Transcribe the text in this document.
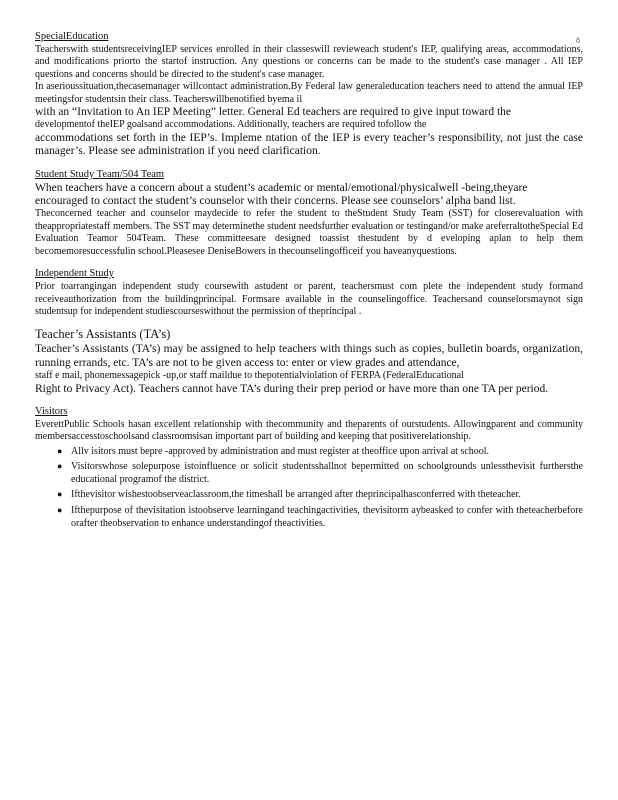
8

SpecialEducation

Teacherswith studentsreceivingIEP services enrolled in their classeswill revieweach student's IEP, qualifying areas, accommodations, and modifications priorto the startof instruction. Any questions or concerns can be made to the student's case manager . All IEP questions and concerns should be directed to the student's case manager.

In aserioussituation,thecasemanager willcontact administration.By Federal law generaleducation teachers need to attend the annual IEP meetingsfor studentsin their class. Teacherswillbenotified byema il

with an “Invitation to An IEP Meeting” letter. General Ed teachers are required to give input toward the

developmentof theIEP goalsand accommodations. Additionally, teachers are required tofollow the

accommodations set forth in the IEP’s. Impleme ntation of the IEP is every teacher’s responsibility, not just the case manager’s. Please see administration if you need clarification.

Student Study Team/504 Team

When teachers have a concern about a student’s academic or mental/emotional/physicalwell -being,theyare

encouraged to contact the student’s counselor with their concerns. Please see counselors’ alpha band list.

Theconcerned teacher and counselor maydecide to refer the student to theStudent Study Team (SST) for closerevaluation with theappropriatestaff members. The SST may determinethe student needsfurther evaluation or testingand/or make areferraltotheSpecial Ed Evaluation Teamor 504Team. These committeesare designed toassist thestudent by d eveloping aplan to help them becomemoresuccessfulin school.Pleasesee DeniseBowers in thecounselingofficeif you haveanyquestions.

Independent Study

Prior toarrangingan independent study coursewith astudent or parent, teachersmust com plete the independent study formand receiveauthorization from the buildingprincipal. Formsare available in the counselingoffice. Teachersand counselorsmaynot sign studentsup for independent studiescourseswithout the permission of theprincipal .

Teacher’s Assistants (TA’s)

Teacher’s Assistants (TA’s) may be assigned to help teachers with things such as copies, bulletin boards, organization, running errands, etc. TA’s are not to be given access to: enter or view grades and attendance,

staff e mail, phonemessagepick -up,or staff maildue to thepotentialviolation of FERPA (FederalEducational

Right to Privacy Act). Teachers cannot have TA’s during their prep period or have more than one TA per period.

Visitors

EverettPublic Schools hasan excellent relationship with thecommunity and theparents of ourstudents. Allowingparent and community membersaccesstoschoolsand classroomsisan important part of building and keeping that positiverelationship.

● Allv isitors must bepre -approved by administration and must register at theoffice upon arrival at school.
● Visitorswhose solepurpose istoinfluence or solicit studentsshallnot bepermitted on schoolgrounds unlessthevisit furthersthe educational programof the district.
● Ifthevisitor wishestoobserveaclassroom,the timeshall be arranged after theprincipalhasconferred with theteacher.
● Ifthepurpose of thevisitation istoobserve learningand teachingactivities, thevisitorm aybeasked to confer with theteacherbefore orafter theobservation to enhance understandingof theactivities.
